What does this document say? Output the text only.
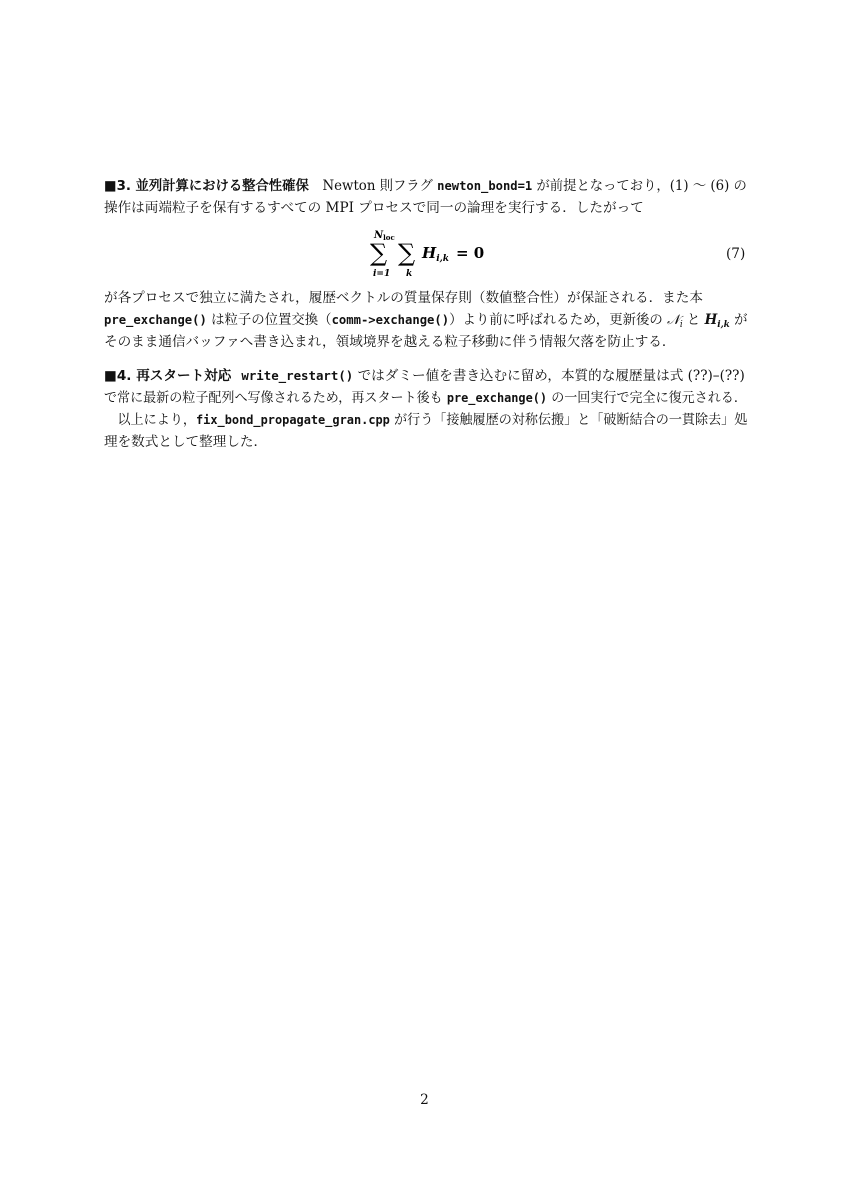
■3. 並列計算における整合性確保 Newton 則フラグ newton_bond=1 が前提となっており，(1) 〜 (6) の
操作は両端粒子を保有するすべての MPI プロセスで同一の論理を実行する．したがって
$N_{loc}$
∑
i=1
∑
k
$H_{i,k} = 0$	(7)
が各プロセスで独立に満たされ，履歴ベクトルの質量保存則（数値整合性）が保証される．また本
pre_exchange() は粒子の位置交換（comm->exchange()）より前に呼ばれるため，更新後の 𝒩$_i$ と $H_{i,k}$ が
そのまま通信バッファへ書き込まれ，領域境界を越える粒子移動に伴う情報欠落を防止する．
■4. 再スタート対応 write_restart() ではダミー値を書き込むに留め，本質的な履歴量は式 (??)–(??)
で常に最新の粒子配列へ写像されるため，再スタート後も pre_exchange() の一回実行で完全に復元される．
以上により，fix_bond_propagate_gran.cpp が行う「接触履歴の対称伝搬」と「破断結合の一貫除去」処
理を数式として整理した．
2
